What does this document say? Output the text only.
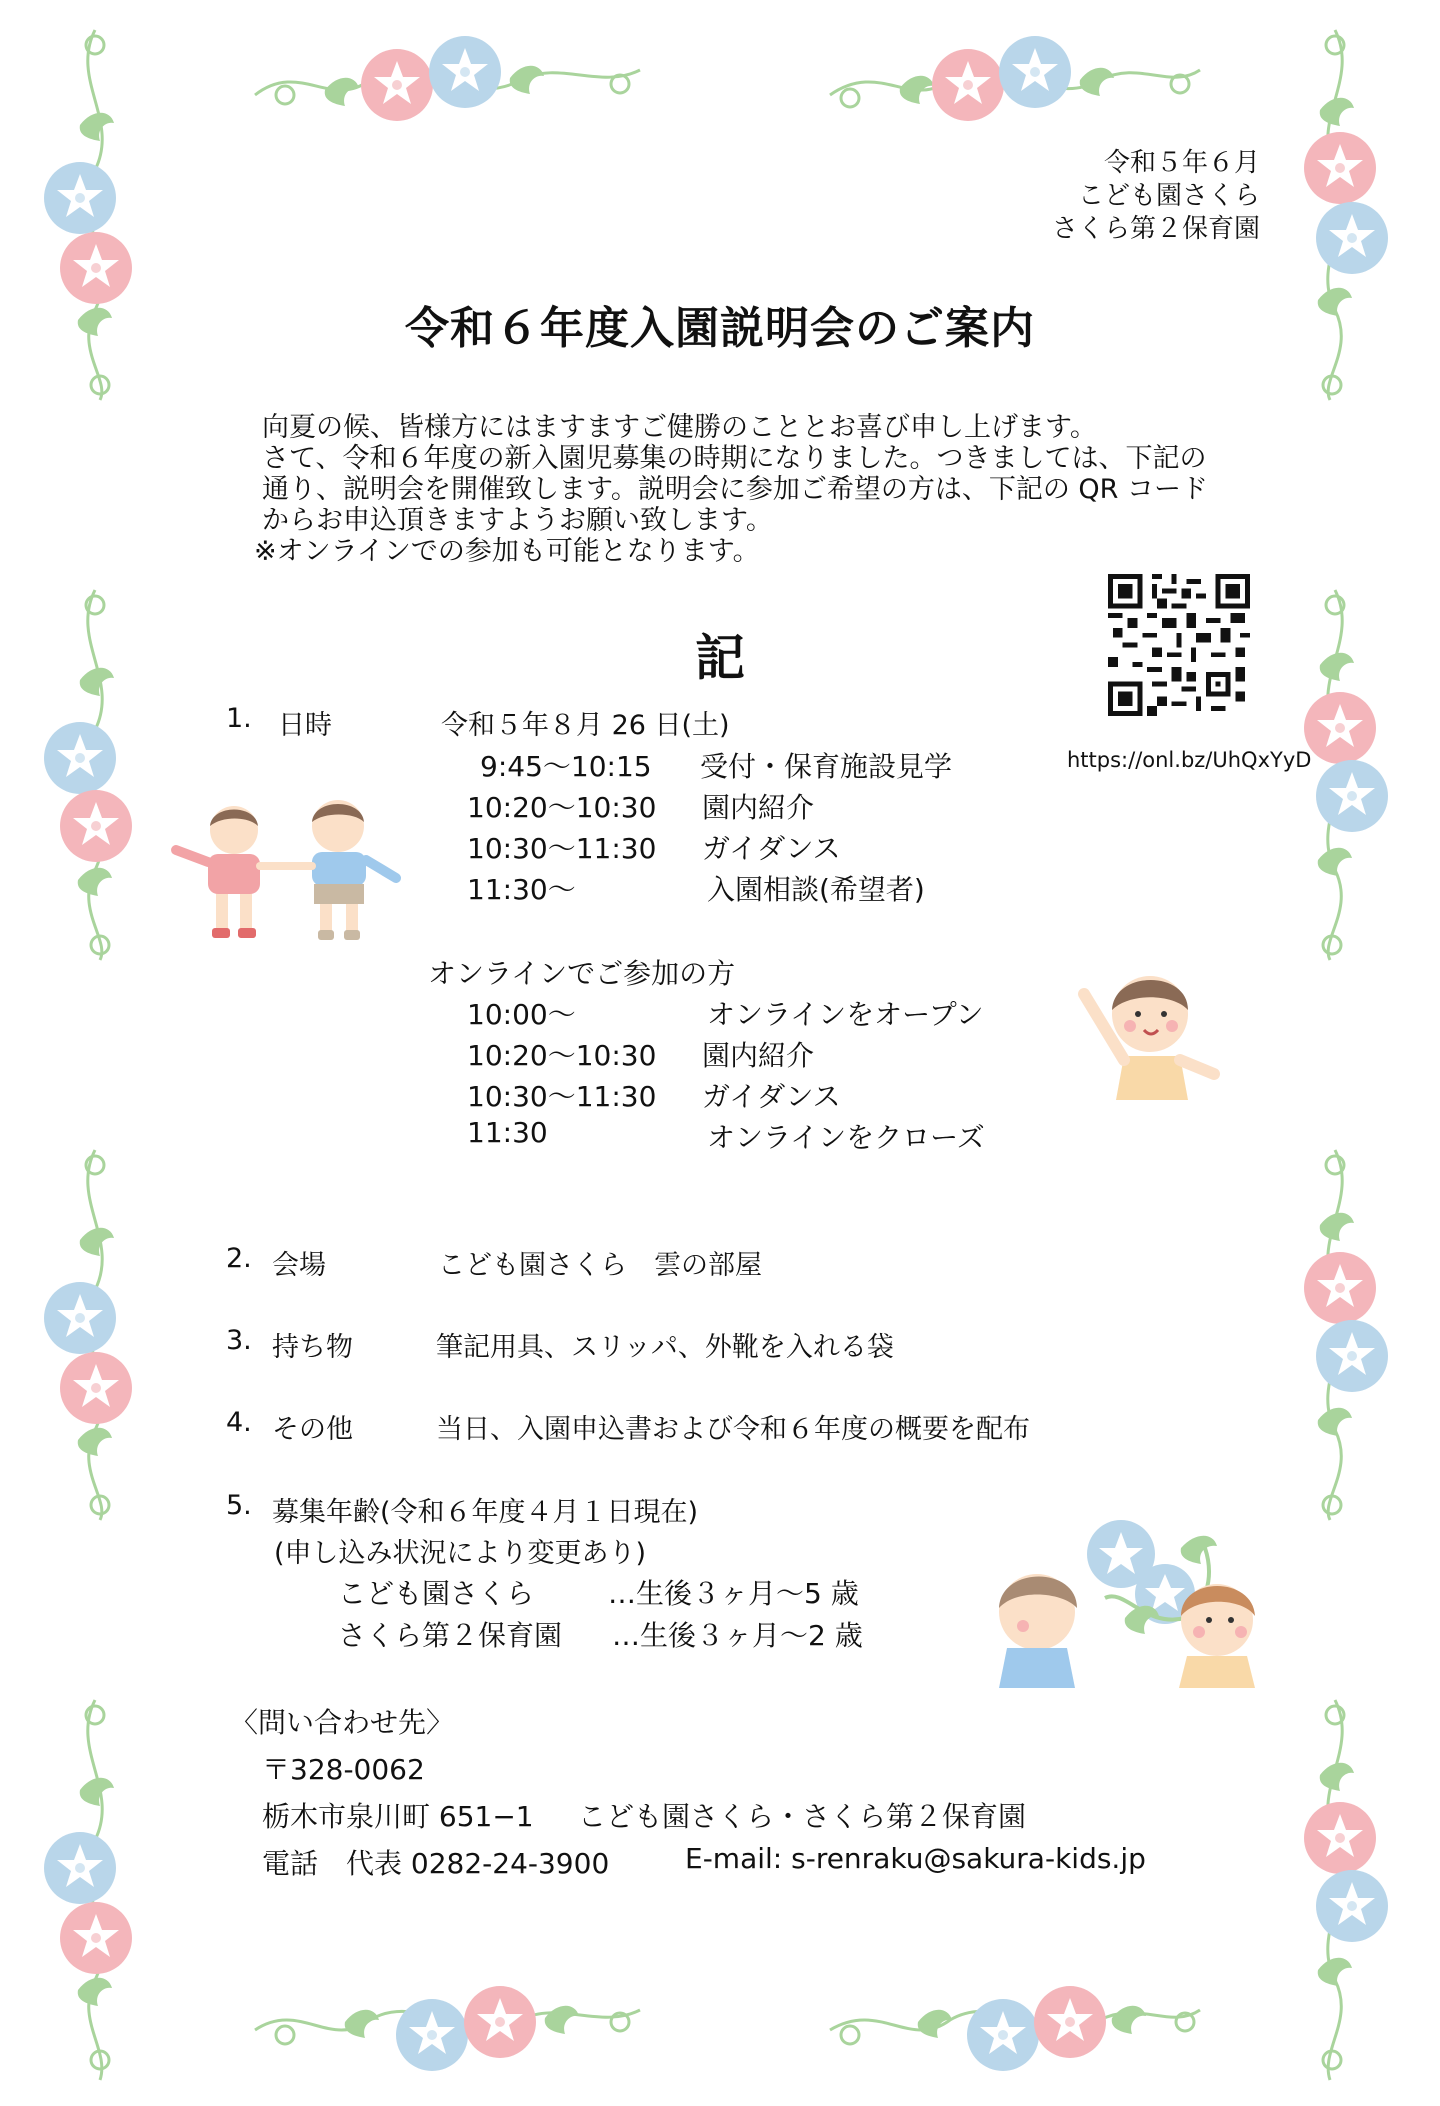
令和５年６月
こども園さくら
さくら第２保育園
令和６年度入園説明会のご案内
向夏の候、皆様方にはますますご健勝のこととお喜び申し上げます。
さて、令和６年度の新入園児募集の時期になりました。つきましては、下記の
通り、説明会を開催致します。説明会に参加ご希望の方は、下記の QR コード
からお申込頂きますようお願い致します。
※オンラインでの参加も可能となります。
記
https://onl.bz/UhQxYyD
1. 日時	令和５年８月 26 日(土)
9:45～10:15 受付・保育施設見学
10:20～10:30 園内紹介
10:30～11:30 ガイダンス
11:30～	入園相談(希望者)
オンラインでご参加の方
10:00～	オンラインをオープン
10:20～10:30 園内紹介
10:30～11:30 ガイダンス
11:30	オンラインをクローズ
2. 会場	こども園さくら　雲の部屋
3. 持ち物	筆記用具、スリッパ、外靴を入れる袋
4. その他	当日、入園申込書および令和６年度の概要を配布
5. 募集年齢(令和６年度４月１日現在)
(申し込み状況により変更あり)
こども園さくら	…生後３ヶ月～5 歳
さくら第２保育園 …生後３ヶ月～2 歳
〈問い合わせ先〉
〒328-0062
栃木市泉川町 651−1 こども園さくら・さくら第２保育園
電話　代表 0282-24-3900	E-mail: s-renraku@sakura-kids.jp
